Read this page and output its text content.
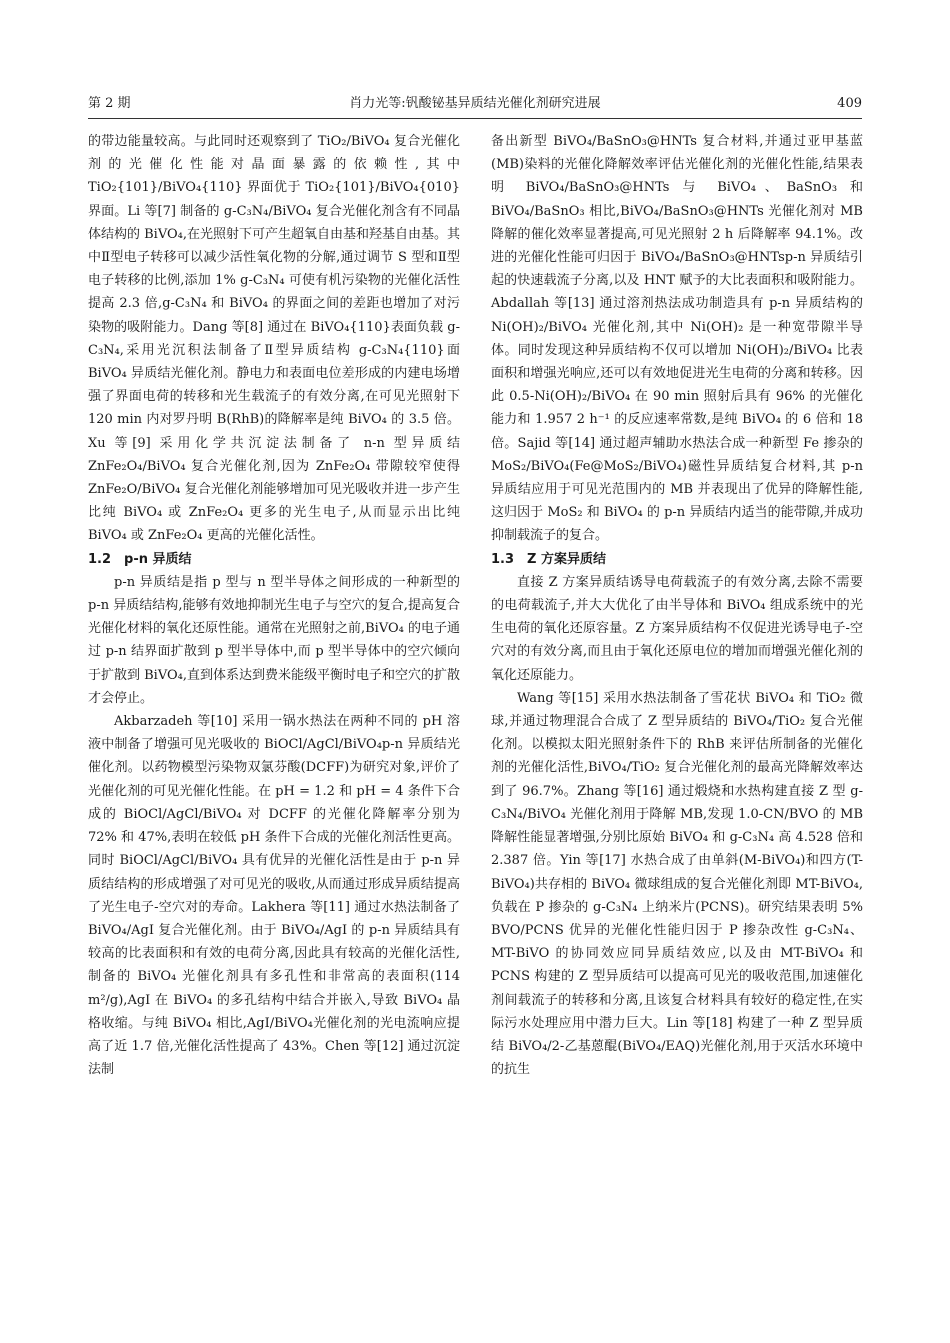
第 2 期	肖力光等:钒酸铋基异质结光催化剂研究进展	409

的带边能量较高。与此同时还观察到了 TiO₂/BiVO₄ 复合光催化剂的光催化性能对晶面暴露的依赖性,其中 TiO₂{101}/BiVO₄{110} 界面优于 TiO₂{101}/BiVO₄{010} 界面。Li 等[7] 制备的 g-C₃N₄/BiVO₄ 复合光催化剂含有不同晶体结构的 BiVO₄,在光照射下可产生超氧自由基和羟基自由基。其中Ⅱ型电子转移可以减少活性氧化物的分解,通过调节 S 型和Ⅱ型电子转移的比例,添加 1% g-C₃N₄ 可使有机污染物的光催化活性提高 2.3 倍,g-C₃N₄ 和 BiVO₄ 的界面之间的差距也增加了对污染物的吸附能力。Dang 等[8] 通过在 BiVO₄{110}表面负载 g-C₃N₄,采用光沉积法制备了Ⅱ型异质结构 g-C₃N₄{110}面 BiVO₄ 异质结光催化剂。静电力和表面电位差形成的内建电场增强了界面电荷的转移和光生载流子的有效分离,在可见光照射下 120 min 内对罗丹明 B(RhB)的降解率是纯 BiVO₄ 的 3.5 倍。Xu 等[9] 采用化学共沉淀法制备了 n-n 型异质结 ZnFe₂O₄/BiVO₄ 复合光催化剂,因为 ZnFe₂O₄ 带隙较窄使得 ZnFe₂O/BiVO₄ 复合光催化剂能够增加可见光吸收并进一步产生比纯 BiVO₄ 或 ZnFe₂O₄ 更多的光生电子,从而显示出比纯 BiVO₄ 或 ZnFe₂O₄ 更高的光催化活性。

1.2　p-n 异质结

p-n 异质结是指 p 型与 n 型半导体之间形成的一种新型的 p-n 异质结结构,能够有效地抑制光生电子与空穴的复合,提高复合光催化材料的氧化还原性能。通常在光照射之前,BiVO₄ 的电子通过 p-n 结界面扩散到 p 型半导体中,而 p 型半导体中的空穴倾向于扩散到 BiVO₄,直到体系达到费米能级平衡时电子和空穴的扩散才会停止。

Akbarzadeh 等[10] 采用一锅水热法在两种不同的 pH 溶液中制备了增强可见光吸收的 BiOCl/AgCl/BiVO₄p-n 异质结光催化剂。以药物模型污染物双氯芬酸(DCFF)为研究对象,评价了光催化剂的可见光催化性能。在 pH = 1.2 和 pH = 4 条件下合成的 BiOCl/AgCl/BiVO₄ 对 DCFF 的光催化降解率分别为 72% 和 47%,表明在较低 pH 条件下合成的光催化剂活性更高。同时 BiOCl/AgCl/BiVO₄ 具有优异的光催化活性是由于 p-n 异质结结构的形成增强了对可见光的吸收,从而通过形成异质结提高了光生电子-空穴对的寿命。Lakhera 等[11] 通过水热法制备了 BiVO₄/AgI 复合光催化剂。由于 BiVO₄/AgI 的 p-n 异质结具有较高的比表面积和有效的电荷分离,因此具有较高的光催化活性,制备的 BiVO₄ 光催化剂具有多孔性和非常高的表面积(114 m²/g),AgI 在 BiVO₄ 的多孔结构中结合并嵌入,导致 BiVO₄ 晶格收缩。与纯 BiVO₄ 相比,AgI/BiVO₄光催化剂的光电流响应提高了近 1.7 倍,光催化活性提高了 43%。Chen 等[12] 通过沉淀法制

备出新型 BiVO₄/BaSnO₃@HNTs 复合材料,并通过亚甲基蓝(MB)染料的光催化降解效率评估光催化剂的光催化性能,结果表明 BiVO₄/BaSnO₃@HNTs 与 BiVO₄、BaSnO₃ 和 BiVO₄/BaSnO₃ 相比,BiVO₄/BaSnO₃@HNTs 光催化剂对 MB 降解的催化效率显著提高,可见光照射 2 h 后降解率 94.1%。改进的光催化性能可归因于 BiVO₄/BaSnO₃@HNTsp-n 异质结引起的快速载流子分离,以及 HNT 赋予的大比表面积和吸附能力。Abdallah 等[13] 通过溶剂热法成功制造具有 p-n 异质结构的 Ni(OH)₂/BiVO₄ 光催化剂,其中 Ni(OH)₂ 是一种宽带隙半导体。同时发现这种异质结构不仅可以增加 Ni(OH)₂/BiVO₄ 比表面积和增强光响应,还可以有效地促进光生电荷的分离和转移。因此 0.5-Ni(OH)₂/BiVO₄ 在 90 min 照射后具有 96% 的光催化能力和 1.957 2 h⁻¹ 的反应速率常数,是纯 BiVO₄ 的 6 倍和 18 倍。Sajid 等[14] 通过超声辅助水热法合成一种新型 Fe 掺杂的 MoS₂/BiVO₄(Fe@MoS₂/BiVO₄)磁性异质结复合材料,其 p-n 异质结应用于可见光范围内的 MB 并表现出了优异的降解性能,这归因于 MoS₂ 和 BiVO₄ 的 p-n 异质结内适当的能带隙,并成功抑制载流子的复合。

1.3　Z 方案异质结

直接 Z 方案异质结诱导电荷载流子的有效分离,去除不需要的电荷载流子,并大大优化了由半导体和 BiVO₄ 组成系统中的光生电荷的氧化还原容量。Z 方案异质结构不仅促进光诱导电子-空穴对的有效分离,而且由于氧化还原电位的增加而增强光催化剂的氧化还原能力。

Wang 等[15] 采用水热法制备了雪花状 BiVO₄ 和 TiO₂ 微球,并通过物理混合合成了 Z 型异质结的 BiVO₄/TiO₂ 复合光催化剂。以模拟太阳光照射条件下的 RhB 来评估所制备的光催化剂的光催化活性,BiVO₄/TiO₂ 复合光催化剂的最高光降解效率达到了 96.7%。Zhang 等[16] 通过煅烧和水热构建直接 Z 型 g-C₃N₄/BiVO₄ 光催化剂用于降解 MB,发现 1.0-CN/BVO 的 MB 降解性能显著增强,分别比原始 BiVO₄ 和 g-C₃N₄ 高 4.528 倍和 2.387 倍。Yin 等[17] 水热合成了由单斜(M-BiVO₄)和四方(T-BiVO₄)共存相的 BiVO₄ 微球组成的复合光催化剂即 MT-BiVO₄,负载在 P 掺杂的 g-C₃N₄ 上纳米片(PCNS)。研究结果表明 5% BVO/PCNS 优异的光催化性能归因于 P 掺杂改性 g-C₃N₄、MT-BiVO 的协同效应同异质结效应,以及由 MT-BiVO₄ 和 PCNS 构建的 Z 型异质结可以提高可见光的吸收范围,加速催化剂间载流子的转移和分离,且该复合材料具有较好的稳定性,在实际污水处理应用中潜力巨大。Lin 等[18] 构建了一种 Z 型异质结 BiVO₄/2-乙基蒽醌(BiVO₄/EAQ)光催化剂,用于灭活水环境中的抗生
